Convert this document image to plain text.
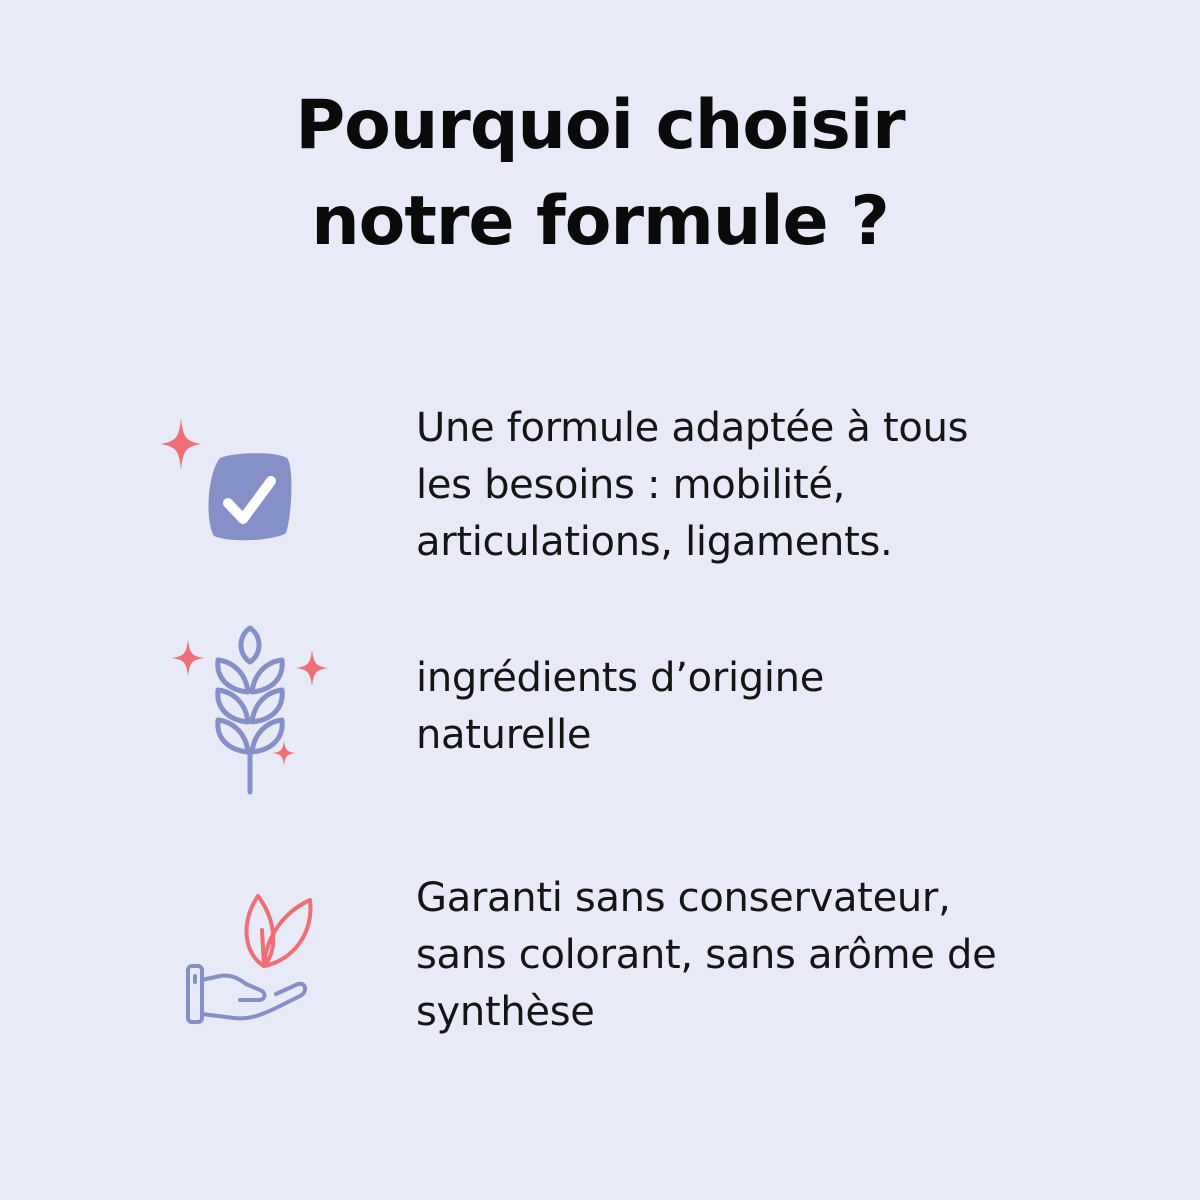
Pourquoi choisir
notre formule ?
Une formule adaptée à tous
les besoins : mobilité,
articulations, ligaments.
ingrédients d’origine
naturelle
Garanti sans conservateur,
sans colorant, sans arôme de
synthèse
